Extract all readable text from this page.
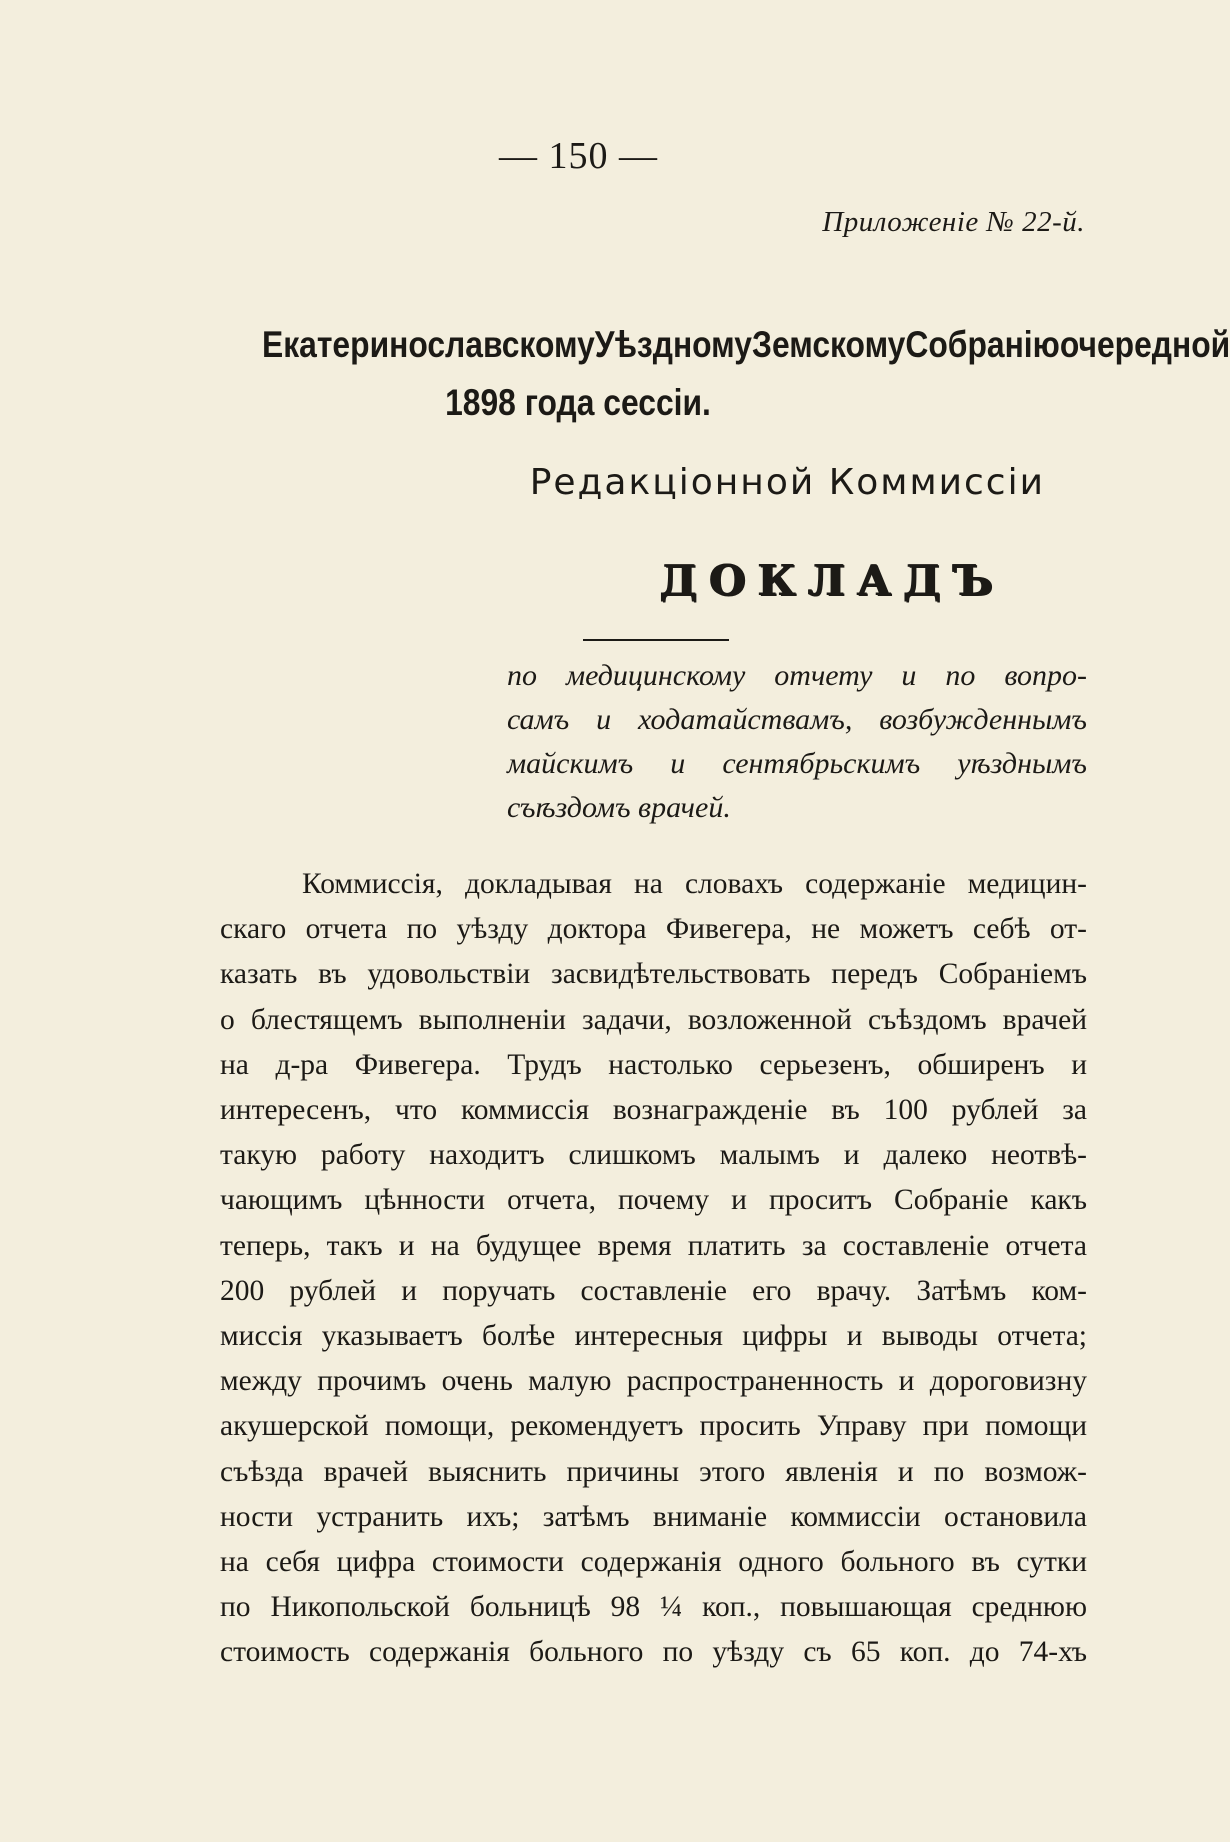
— 150 —
Приложеніе № 22-й.
Екатеринославскому Уѣздному Земскому Собранію очередной
1898 года сессіи.
Редакціонной Коммиссіи
ДОКЛАДЪ
по медицинскому отчету и по вопро-
самъ и ходатайствамъ, возбужденнымъ
майскимъ и сентябрьскимъ уѣзднымъ
съѣздомъ врачей.
Коммиссія, докладывая на словахъ содержаніе медицин-
скаго отчета по уѣзду доктора Фивегера, не можетъ себѣ от-
казать въ удовольствіи засвидѣтельствовать передъ Собраніемъ
о блестящемъ выполненіи задачи, возложенной съѣздомъ врачей
на д-ра Фивегера. Трудъ настолько серьезенъ, обширенъ и
интересенъ, что коммиссія вознагражденіе въ 100 рублей за
такую работу находитъ слишкомъ малымъ и далеко неотвѣ-
чающимъ цѣнности отчета, почему и проситъ Собраніе какъ
теперь, такъ и на будущее время платить за составленіе отчета
200 рублей и поручать составленіе его врачу. Затѣмъ ком-
миссія указываетъ болѣе интересныя цифры и выводы отчета;
между прочимъ очень малую распространенность и дороговизну
акушерской помощи, рекомендуетъ просить Управу при помощи
съѣзда врачей выяснить причины этого явленія и по возмож-
ности устранить ихъ; затѣмъ вниманіе коммиссіи остановила
на себя цифра стоимости содержанія одного больного въ сутки
по Никопольской больницѣ 98 ¼ коп., повышающая среднюю
стоимость содержанія больного по уѣзду съ 65 коп. до 74-хъ
